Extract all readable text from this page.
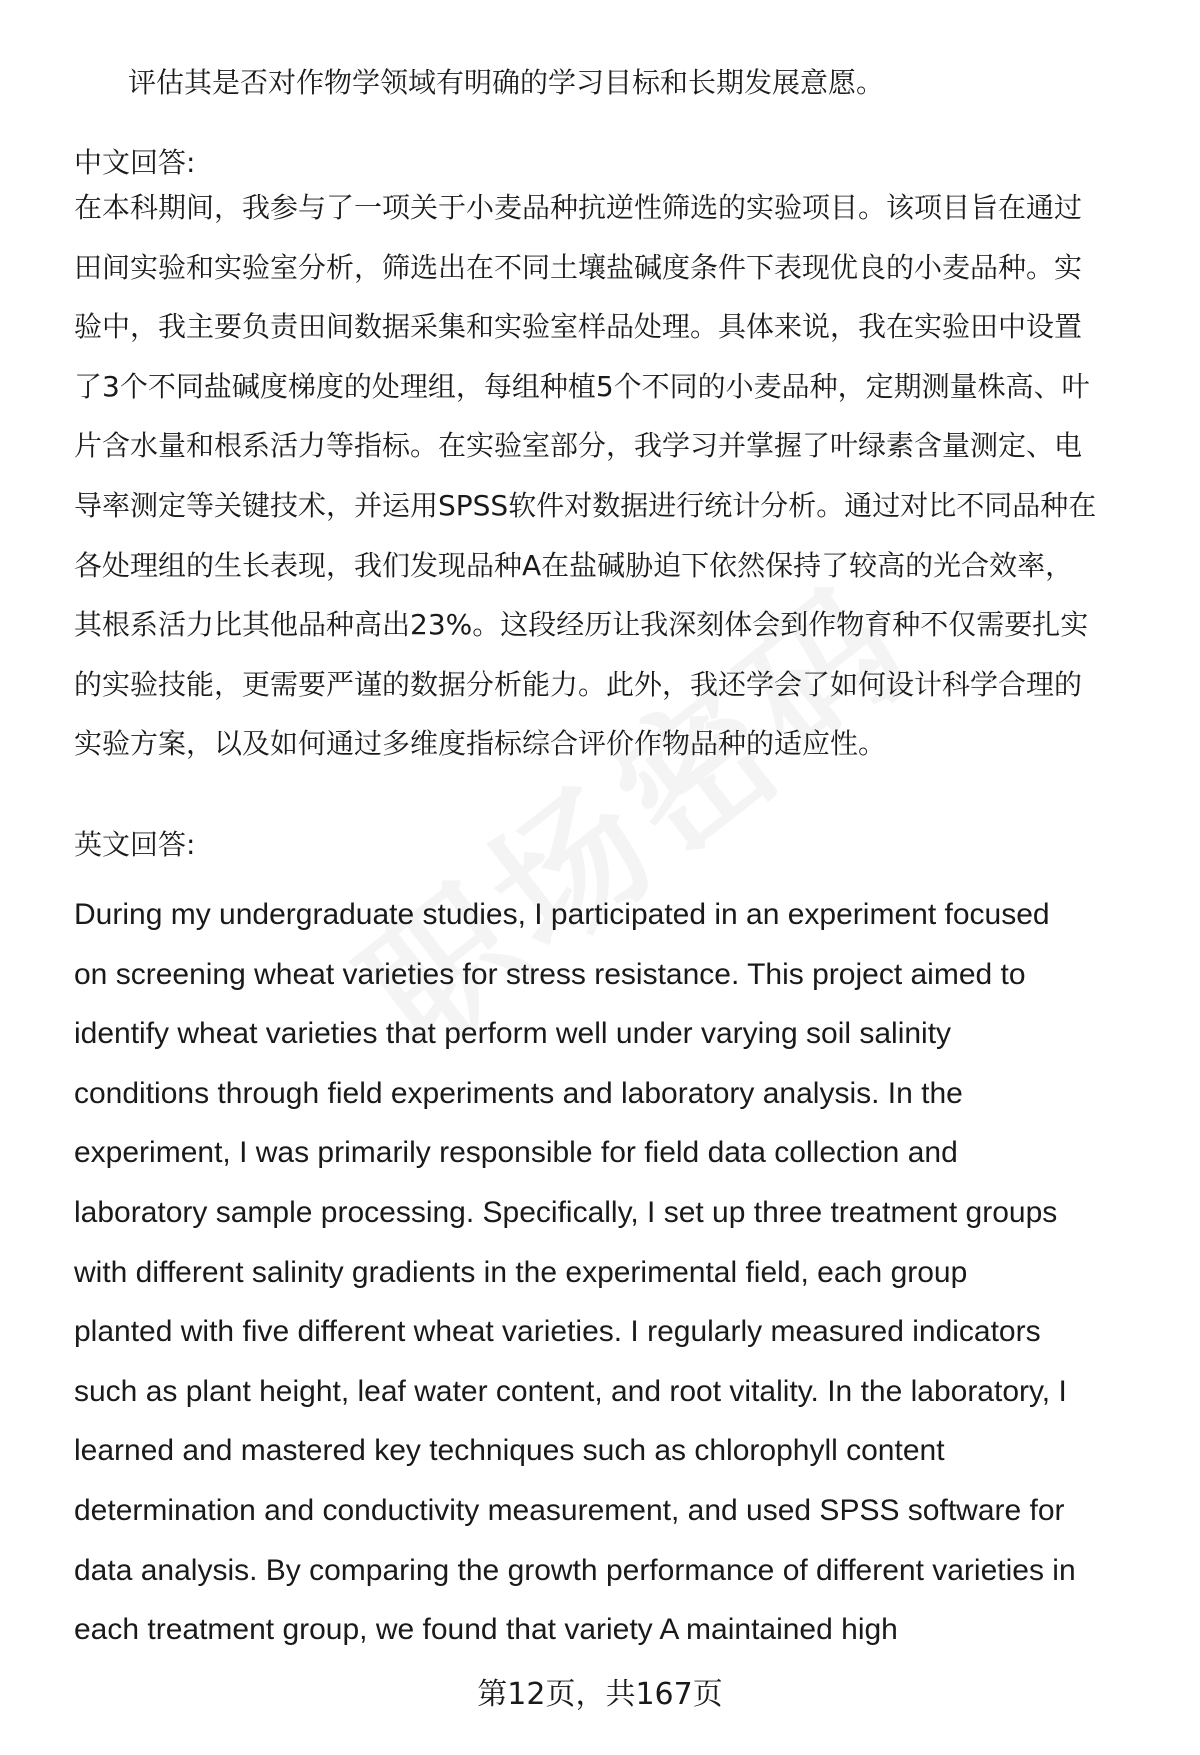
评估其是否对作物学领域有明确的学习目标和长期发展意愿。
中文回答:
在本科期间，我参与了一项关于小麦品种抗逆性筛选的实验项目。该项目旨在通过
田间实验和实验室分析，筛选出在不同土壤盐碱度条件下表现优良的小麦品种。实
验中，我主要负责田间数据采集和实验室样品处理。具体来说，我在实验田中设置
了3个不同盐碱度梯度的处理组，每组种植5个不同的小麦品种，定期测量株高、叶
片含水量和根系活力等指标。在实验室部分，我学习并掌握了叶绿素含量测定、电
导率测定等关键技术，并运用SPSS软件对数据进行统计分析。通过对比不同品种在
各处理组的生长表现，我们发现品种A在盐碱胁迫下依然保持了较高的光合效率，
其根系活力比其他品种高出23%。这段经历让我深刻体会到作物育种不仅需要扎实
的实验技能，更需要严谨的数据分析能力。此外，我还学会了如何设计科学合理的
实验方案，以及如何通过多维度指标综合评价作物品种的适应性。
英文回答:
During my undergraduate studies, I participated in an experiment focused
on screening wheat varieties for stress resistance. This project aimed to
identify wheat varieties that perform well under varying soil salinity
conditions through field experiments and laboratory analysis. In the
experiment, I was primarily responsible for field data collection and
laboratory sample processing. Specifically, I set up three treatment groups
with different salinity gradients in the experimental field, each group
planted with five different wheat varieties. I regularly measured indicators
such as plant height, leaf water content, and root vitality. In the laboratory, I
learned and mastered key techniques such as chlorophyll content
determination and conductivity measurement, and used SPSS software for
data analysis. By comparing the growth performance of different varieties in
each treatment group, we found that variety A maintained high
第12页，共167页
